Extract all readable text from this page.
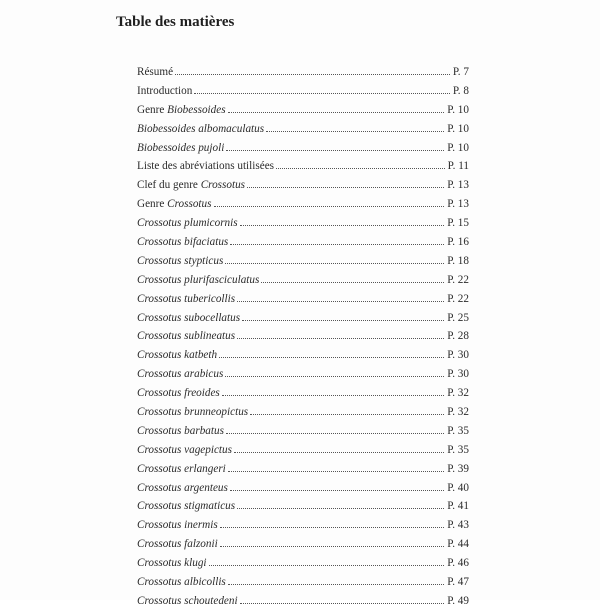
Table des matières
Résumé	P. 7
Introduction	P. 8
Genre Biobessoides	P. 10
Biobessoides albomaculatus	P. 10
Biobessoides pujoli	P. 10
Liste des abréviations utilisées	P. 11
Clef du genre Crossotus	P. 13
Genre Crossotus	P. 13
Crossotus plumicornis	P. 15
Crossotus bifaciatus	P. 16
Crossotus stypticus	P. 18
Crossotus plurifasciculatus	P. 22
Crossotus tubericollis	P. 22
Crossotus subocellatus	P. 25
Crossotus sublineatus	P. 28
Crossotus katbeth	P. 30
Crossotus arabicus	P. 30
Crossotus freoides	P. 32
Crossotus brunneopictus	P. 32
Crossotus barbatus	P. 35
Crossotus vagepictus	P. 35
Crossotus erlangeri	P. 39
Crossotus argenteus	P. 40
Crossotus stigmaticus	P. 41
Crossotus inermis	P. 43
Crossotus falzonii	P. 44
Crossotus klugi	P. 46
Crossotus albicollis	P. 47
Crossotus schoutedeni	P. 49
